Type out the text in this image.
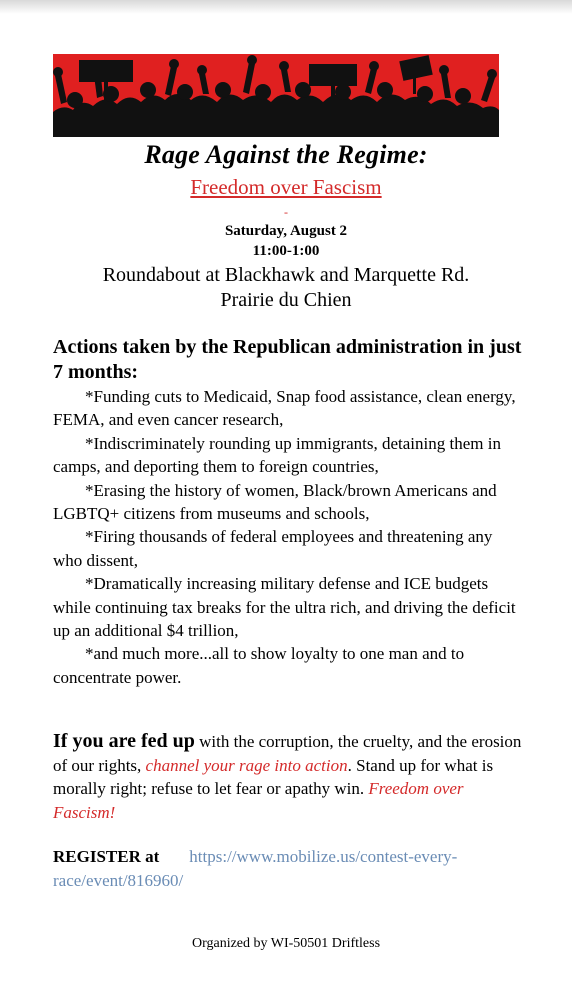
Rage Against the Regime:
Freedom over Fascism
-
Saturday, August 2
11:00-1:00
Roundabout at Blackhawk and Marquette Rd.
Prairie du Chien
Actions taken by the Republican administration in just 7 months:
*Funding cuts to Medicaid, Snap food assistance, clean energy, FEMA, and even cancer research,
*Indiscriminately rounding up immigrants, detaining them in camps, and deporting them to foreign countries,
*Erasing the history of women, Black/brown Americans and LGBTQ+ citizens from museums and schools,
*Firing thousands of federal employees and threatening any who dissent,
*Dramatically increasing military defense and ICE budgets while continuing tax breaks for the ultra rich, and driving the deficit up an additional $4 trillion,
*and much more...all to show loyalty to one man and to concentrate power.
If you are fed up with the corruption, the cruelty, and the erosion of our rights, channel your rage into action. Stand up for what is morally right; refuse to let fear or apathy win. Freedom over Fascism!
REGISTER at https://www.mobilize.us/contest-every-race/event/816960/
Organized by WI-50501 Driftless
